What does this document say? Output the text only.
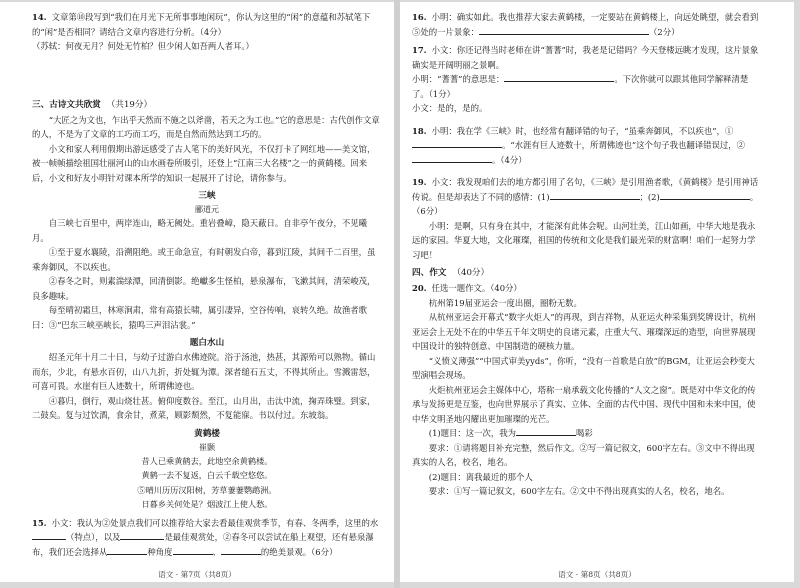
14. 文章第⑩段写到“我们在月光下无所事事地闲玩”，你认为这里的“闲”的意蕴和苏轼笔下的“闲”是否相同？请结合文章内容进行分析。（4分）

（苏轼：何夜无月？何处无竹柏？但少闲人如吾两人者耳。）

三、古诗文共欣赏 （共19分）

“大匠之为文也，乍出乎天然而不施之以斧凿，若天之为工也。”它的意思是：古代创作文章的人，不是为了文章的工巧而工巧，而是自然而然达到工巧的。

小文和家人利用假期出游远感受了古人笔下的美好风光，不仅打卡了网红地——美文馆，被一帧帧描绘祖国壮丽河山的山水画卷所吸引，还登上“江南三大名楼”之一的黄鹤楼。回来后，小文和好友小明针对课本所学的知识一起展开了讨论，请你参与。

三峡

郦道元

自三峡七百里中，两岸连山，略无阙处。重岩叠嶂，隐天蔽日。自非亭午夜分，不见曦月。

①至于夏水襄陵，沿溯阻绝。或王命急宣，有时朝发白帝，暮到江陵，其间千二百里，虽乘奔御风，不以疾也。

②春冬之时，则素湍绿潭，回清倒影。绝巘多生怪柏，悬泉瀑布，飞漱其间，清荣峻茂，良多趣味。

每至晴初霜旦，林寒涧肃，常有高猿长啸，属引凄异，空谷传响，哀转久绝。故渔者歌曰：③“巴东三峡巫峡长，猿鸣三声泪沾裳。”

题白水山

绍圣元年十月二十日，与幼子过游白水佛迹院。浴于汤池，热甚，其源殆可以熟物。循山而东，少北，有悬水百仞，山八九折，折处辄为潭。深者缒石五丈，不得其所止。雪溅雷怒，可喜可畏。水崖有巨人迹数十，所谓佛迹也。

④暮归，倒行，观山烧壮甚。俯仰度数谷。至江，山月出，击汰中流，掬弄珠璧。到家，二鼓矣。复与过饮酒，食余甘，煮菜，顾影颓然，不复能寐。书以付过。东坡翁。

黄鹤楼

崔颢

昔人已乘黄鹤去，此地空余黄鹤楼。

黄鹤一去不复返，白云千载空悠悠。

⑤晴川历历汉阳树，芳草萋萋鹦鹉洲。

日暮乡关何处是？烟波江上使人愁。

15. 小文：我认为②处景点我们可以推荐给大家去看最佳观赏季节，有春、冬两季，这里的水（特点），以及	是最佳观赏处，②春冬可以尝试在船上观望，还有悬泉瀑布，我们还会选择从	种角度	、	的绝美景观。（6分）

语文 · 第7页（共8页）

16. 小明：确实如此。我也推荐大家去黄鹤楼，一定要站在黄鹤楼上，向远处眺望，就会看到
⑤处的一片景象：	（2分）

17. 小文：你还记得当时老师在讲“蓍蓍”时，我老是记错吗？今天登楼远眺才发现，这片景象确实是开阔明丽之景啊。
小明：“蓍蓍”的意思是：	。下次你就可以跟其他同学解释清楚了。（1分）
小文：是的，是的。

18. 小明：我在学《三峡》时，也经常有翻译错的句子，“虽乘奔御风，不以疾也”，①。“水涯有巨人迹数十，所谓佛迹也”这个句子我也翻译错误过，②。（4分）

19. 小文：我发现咱们去的地方都引用了名句，《三峡》是引用渔者歌，《黄鹤楼》是引用神话传说。但是却表达了不同的感情：(1)	；(2)	。（6分）

小明：是啊，只有身在其中，才能深有此体会呢。山河壮美，江山如画，中华大地是我永远的家园。华夏大地，文化璀璨，祖国的传统和文化是我们最光荣的财富啊！咱们一起努力学习吧！

四、作文 （40分）

20. 任选一题作文。（40分）

杭州第19届亚运会一度出圈，圈粉无数。

从杭州亚运会开幕式“数字火炬人”的再现，到吉祥物，从亚运火种采集到奖牌设计，杭州亚运会上无处不在的中华五千年文明史的良诸元素，庄重大气、璀璨深远的造型，向世界展现中国设计的独特创意、中国制造的硬核力量。

“义愤义薄强”“中国式审美yyds”，你听，“没有一首歌是白放”的BGM，让亚运会秒变大型演唱会现场。

火炬杭州亚运会主媒体中心，塔称一扇承载文化传播的“人文之窗”。既是对中华文化的传承与发扬更是互鉴，也向世界展示了真实、立体、全面的古代中国、现代中国和未来中国，使中华文明圣地闪耀出更加璀璨的光芒。

(1)题目：这一次，我为	喝彩

要求：①请将题目补充完整，然后作文。②写一篇记叙文，600字左右。③文中不得出现真实的人名，校名，地名。

(2)题目：离我最近的那个人

要求：①写一篇记叙文，600字左右。②文中不得出现真实的人名，校名，地名。

语文 · 第8页（共8页）
